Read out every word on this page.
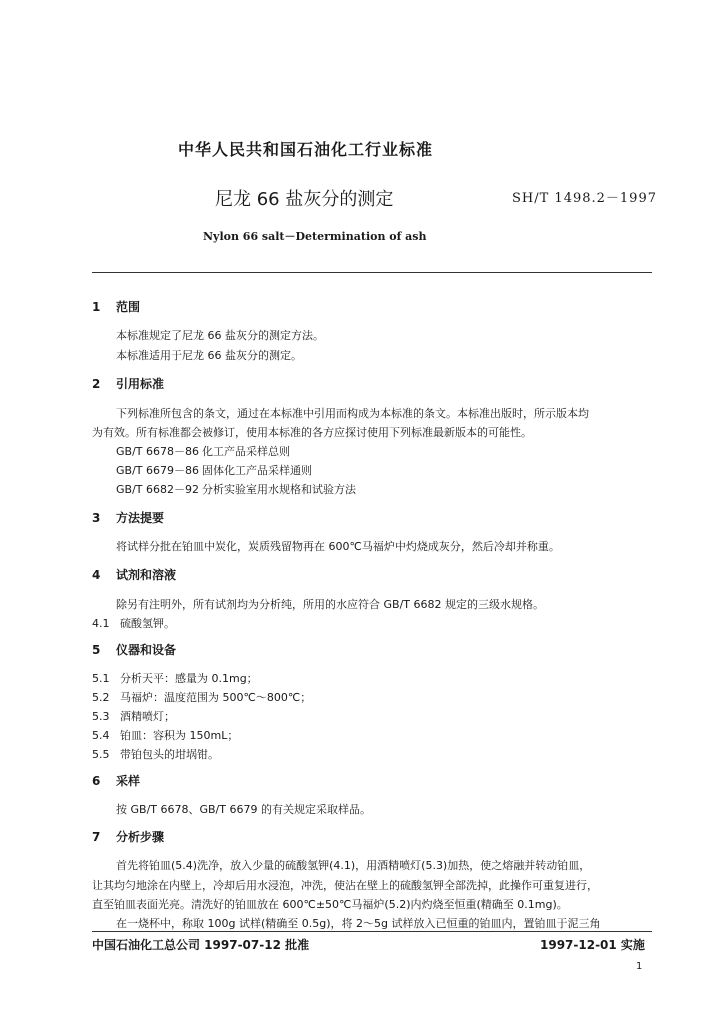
中华人民共和国石油化工行业标准
尼龙 66 盐灰分的测定	SH/T 1498.2－1997
Nylon 66 salt－Determination of ash
1 范围
本标准规定了尼龙 66 盐灰分的测定方法。
本标准适用于尼龙 66 盐灰分的测定。
2 引用标准
下列标准所包含的条文，通过在本标准中引用而构成为本标准的条文。本标准出版时，所示版本均
为有效。所有标准都会被修订，使用本标准的各方应探讨使用下列标准最新版本的可能性。
GB/T 6678－86 化工产品采样总则
GB/T 6679－86 固体化工产品采样通则
GB/T 6682－92 分析实验室用水规格和试验方法
3 方法提要
将试样分批在铂皿中炭化，炭质残留物再在 600℃马福炉中灼烧成灰分，然后冷却并称重。
4 试剂和溶液
除另有注明外，所有试剂均为分析纯，所用的水应符合 GB/T 6682 规定的三级水规格。
4.1 硫酸氢钾。
5 仪器和设备
5.1 分析天平：感量为 0.1mg；
5.2 马福炉：温度范围为 500℃～800℃；
5.3 酒精喷灯；
5.4 铂皿：容积为 150mL；
5.5 带铂包头的坩埚钳。
6 采样
按 GB/T 6678、GB/T 6679 的有关规定采取样品。
7 分析步骤
首先将铂皿(5.4)洗净，放入少量的硫酸氢钾(4.1)，用酒精喷灯(5.3)加热，使之熔融并转动铂皿，
让其均匀地涂在内壁上，冷却后用水浸泡，冲洗，使沾在壁上的硫酸氢钾全部洗掉，此操作可重复进行，
直至铂皿表面光亮。清洗好的铂皿放在 600℃±50℃马福炉(5.2)内灼烧至恒重(精确至 0.1mg)。
在一烧杯中，称取 100g 试样(精确至 0.5g)，将 2～5g 试样放入已恒重的铂皿内，置铂皿于泥三角
中国石油化工总公司 1997-07-12 批准	1997-12-01 实施
1
